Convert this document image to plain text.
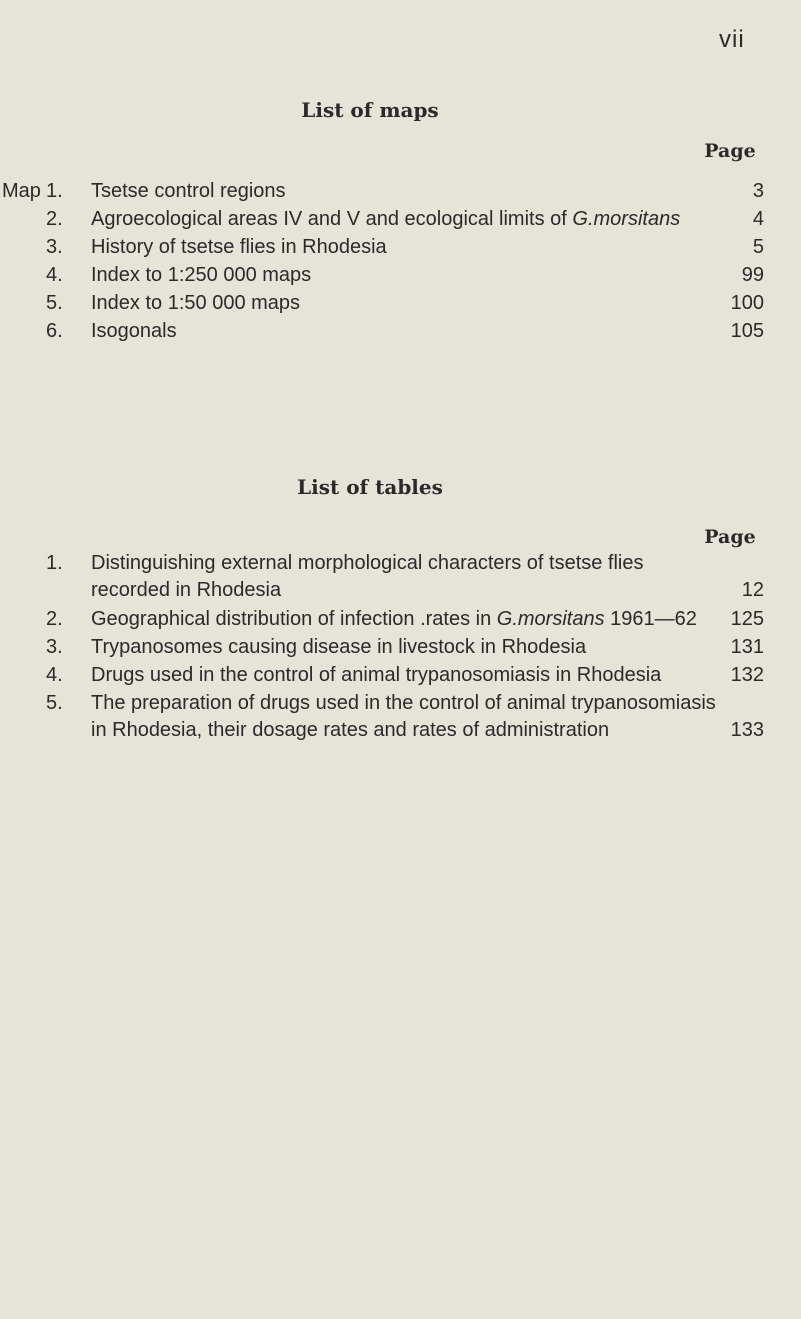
vii
List of maps
Page
Map 1.	Tsetse control regions	3
2.	Agroecological areas IV and V and ecological limits of G.morsitans	4
3.	History of tsetse flies in Rhodesia	5
4.	Index to 1:250 000 maps	99
5.	Index to 1:50 000 maps	100
6.	Isogonals	105
List of tables
Page
1.	Distinguishing external morphological characters of tsetse flies
recorded in Rhodesia	12
2.	Geographical distribution of infection .rates in G.morsitans 1961—62	125
3.	Trypanosomes causing disease in livestock in Rhodesia	131
4.	Drugs used in the control of animal trypanosomiasis in Rhodesia	132
5.	The preparation of drugs used in the control of animal trypanosomiasis
in Rhodesia, their dosage rates and rates of administration	133
